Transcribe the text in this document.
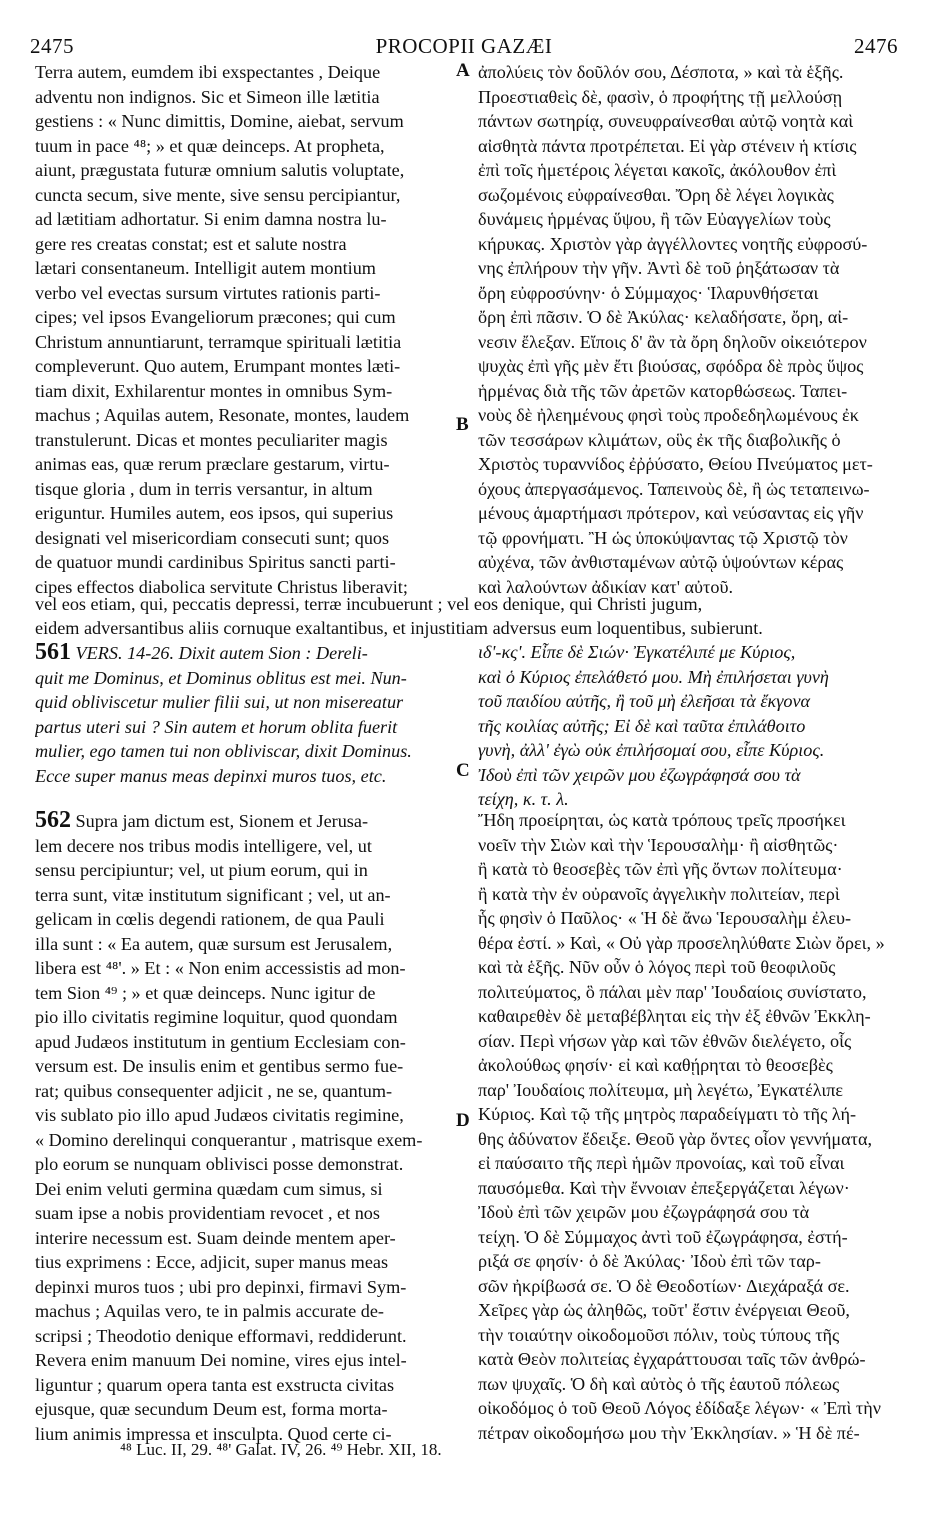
2475	PROCOPII GAZÆI	2476
A
B
C
D
Terra autem, eumdem ibi exspectantes , Deique
adventu non indignos. Sic et Simeon ille lætitia
gestiens : « Nunc dimittis, Domine, aiebat, servum
tuum in pace ⁴⁸; » et quæ deinceps. At propheta,
aiunt, prægustata futuræ omnium salutis voluptate,
cuncta secum, sive mente, sive sensu percipiantur,
ad lætitiam adhortatur. Si enim damna nostra lu-
gere res creatas constat; est et salute nostra
lætari consentaneum. Intelligit autem montium
verbo vel evectas sursum virtutes rationis parti-
cipes; vel ipsos Evangeliorum præcones; qui cum
Christum annuntiarunt, terramque spirituali lætitia
compleverunt. Quo autem, Erumpant montes læti-
tiam dixit, Exhilarentur montes in omnibus Sym-
machus ; Aquilas autem, Resonate, montes, laudem
transtulerunt. Dicas et montes peculiariter magis
animas eas, quæ rerum præclare gestarum, virtu-
tisque gloria , dum in terris versantur, in altum
eriguntur. Humiles autem, eos ipsos, qui superius
designati vel misericordiam consecuti sunt; quos
de quatuor mundi cardinibus Spiritus sancti parti-
cipes effectos diabolica servitute Christus liberavit;
ἀπολύεις τὸν δοῦλόν σου, Δέσποτα, » καὶ τὰ ἑξῆς.
Προεστιαθεὶς δὲ, φασὶν, ὁ προφήτης τῇ μελλούσῃ
πάντων σωτηρίᾳ, συνευφραίνεσθαι αὐτῷ νοητὰ καὶ
αἰσθητὰ πάντα προτρέπεται. Εἰ γὰρ στένειν ἡ κτίσις
ἐπὶ τοῖς ἡμετέροις λέγεται κακοῖς, ἀκόλουθον ἐπὶ
σωζομένοις εὐφραίνεσθαι. Ὄρη δὲ λέγει λογικὰς
δυνάμεις ἡρμένας ὕψου, ἢ τῶν Εὐαγγελίων τοὺς
κήρυκας. Χριστὸν γὰρ ἀγγέλλοντες νοητῆς εὐφροσύ-
νης ἐπλήρουν τὴν γῆν. Ἀντὶ δὲ τοῦ ῥηξάτωσαν τὰ
ὄρη εὐφροσύνην· ὁ Σύμμαχος· Ἱλαρυνθήσεται
ὄρη ἐπὶ πᾶσιν. Ὁ δὲ Ἀκύλας· κελαδήσατε, ὄρη, αἰ-
νεσιν ἔλεξαν. Εἴποις δ' ἂν τὰ ὄρη δηλοῦν οἰκειότερον
ψυχὰς ἐπὶ γῆς μὲν ἔτι βιούσας, σφόδρα δὲ πρὸς ὕψος
ἡρμένας διὰ τῆς τῶν ἀρετῶν κατορθώσεως. Ταπει-
νοὺς δὲ ἠλεημένους φησὶ τοὺς προδεδηλωμένους ἐκ
τῶν τεσσάρων κλιμάτων, οὓς ἐκ τῆς διαβολικῆς ὁ
Χριστὸς τυραννίδος ἐῤῥύσατο, Θείου Πνεύματος μετ-
όχους ἀπεργασάμενος. Ταπεινοὺς δὲ, ἢ ὡς τεταπεινω-
μένους ἁμαρτήμασι πρότερον, καὶ νεύσαντας εἰς γῆν
τῷ φρονήματι. Ἢ ὡς ὑποκύψαντας τῷ Χριστῷ τὸν
αὐχένα, τῶν ἀνθισταμένων αὐτῷ ὑψούντων κέρας
καὶ λαλούντων ἀδικίαν κατ' αὐτοῦ.
vel eos etiam, qui, peccatis depressi, terræ incubuerunt ; vel eos denique, qui Christi jugum,
eidem adversantibus aliis cornuque exaltantibus, et injustitiam adversus eum loquentibus, subierunt.
561 VERS. 14-26. Dixit autem Sion : Dereli-
quit me Dominus, et Dominus oblitus est mei. Nun-
quid obliviscetur mulier filii sui, ut non misereatur
partus uteri sui ? Sin autem et horum oblita fuerit
mulier, ego tamen tui non obliviscar, dixit Dominus.
Ecce super manus meas depinxi muros tuos, etc.
ιδ'-κς'. Εἶπε δὲ Σιών· Ἐγκατέλιπέ με Κύριος,
καὶ ὁ Κύριος ἐπελάθετό μου. Μὴ ἐπιλήσεται γυνὴ
τοῦ παιδίου αὐτῆς, ἢ τοῦ μὴ ἐλεῆσαι τὰ ἔκγονα
τῆς κοιλίας αὐτῆς; Εἰ δὲ καὶ ταῦτα ἐπιλάθοιτο
γυνὴ, ἀλλ' ἐγὼ οὐκ ἐπιλήσομαί σου, εἶπε Κύριος.
Ἰδοὺ ἐπὶ τῶν χειρῶν μου ἐζωγράφησά σου τὰ
τείχη, κ. τ. λ.
562 Supra jam dictum est, Sionem et Jerusa-
lem decere nos tribus modis intelligere, vel, ut
sensu percipiuntur; vel, ut pium eorum, qui in
terra sunt, vitæ institutum significant ; vel, ut an-
gelicam in cœlis degendi rationem, de qua Pauli
illa sunt : « Ea autem, quæ sursum est Jerusalem,
libera est ⁴⁸'. » Et : « Non enim accessistis ad mon-
tem Sion ⁴⁹ ; » et quæ deinceps. Nunc igitur de
pio illo civitatis regimine loquitur, quod quondam
apud Judæos institutum in gentium Ecclesiam con-
versum est. De insulis enim et gentibus sermo fue-
rat; quibus consequenter adjicit , ne se, quantum-
vis sublato pio illo apud Judæos civitatis regimine,
« Domino derelinqui conquerantur , matrisque exem-
plo eorum se nunquam oblivisci posse demonstrat.
Dei enim veluti germina quædam cum simus, si
suam ipse a nobis providentiam revocet , et nos
interire necessum est. Suam deinde mentem aper-
tius exprimens : Ecce, adjicit, super manus meas
depinxi muros tuos ; ubi pro depinxi, firmavi Sym-
machus ; Aquilas vero, te in palmis accurate de-
scripsi ; Theodotio denique efformavi, reddiderunt.
Revera enim manuum Dei nomine, vires ejus intel-
liguntur ; quarum opera tanta est exstructa civitas
ejusque, quæ secundum Deum est, forma morta-
lium animis impressa et insculpta. Quod certe ci-
Ἤδη προείρηται, ὡς κατὰ τρόπους τρεῖς προσήκει
νοεῖν τὴν Σιὼν καὶ τὴν Ἱερουσαλὴμ· ἢ αἰσθητῶς·
ἢ κατὰ τὸ θεοσεβὲς τῶν ἐπὶ γῆς ὄντων πολίτευμα·
ἢ κατὰ τὴν ἐν οὐρανοῖς ἀγγελικὴν πολιτείαν, περὶ
ἧς φησὶν ὁ Παῦλος· « Ἡ δὲ ἄνω Ἱερουσαλὴμ ἐλευ-
θέρα ἐστί. » Καὶ, « Οὐ γὰρ προσεληλύθατε Σιὼν ὄρει, »
καὶ τὰ ἑξῆς. Νῦν οὖν ὁ λόγος περὶ τοῦ θεοφιλοῦς
πολιτεύματος, ὃ πάλαι μὲν παρ' Ἰουδαίοις συνίστατο,
καθαιρεθὲν δὲ μεταβέβληται εἰς τὴν ἐξ ἐθνῶν Ἐκκλη-
σίαν. Περὶ νήσων γὰρ καὶ τῶν ἐθνῶν διελέγετο, οἷς
ἀκολούθως φησίν· εἰ καὶ καθῄρηται τὸ θεοσεβὲς
παρ' Ἰουδαίοις πολίτευμα, μὴ λεγέτω, Ἐγκατέλιπε
Κύριος. Καὶ τῷ τῆς μητρὸς παραδείγματι τὸ τῆς λή-
θης ἀδύνατον ἔδειξε. Θεοῦ γὰρ ὄντες οἷον γεννήματα,
εἰ παύσαιτο τῆς περὶ ἡμῶν προνοίας, καὶ τοῦ εἶναι
παυσόμεθα. Καὶ τὴν ἔννοιαν ἐπεξεργάζεται λέγων·
Ἰδοὺ ἐπὶ τῶν χειρῶν μου ἐζωγράφησά σου τὰ
τείχη. Ὁ δὲ Σύμμαχος ἀντὶ τοῦ ἐζωγράφησα, ἐστή-
ριξά σε φησίν· ὁ δὲ Ἀκύλας· Ἰδοὺ ἐπὶ τῶν ταρ-
σῶν ἠκρίβωσά σε. Ὁ δὲ Θεοδοτίων· Διεχάραξά σε.
Χεῖρες γὰρ ὡς ἀληθῶς, τοῦτ' ἔστιν ἐνέργειαι Θεοῦ,
τὴν τοιαύτην οἰκοδομοῦσι πόλιν, τοὺς τύπους τῆς
κατὰ Θεὸν πολιτείας ἐγχαράττουσαι ταῖς τῶν ἀνθρώ-
πων ψυχαῖς. Ὁ δὴ καὶ αὐτὸς ὁ τῆς ἑαυτοῦ πόλεως
οἰκοδόμος ὁ τοῦ Θεοῦ Λόγος ἐδίδαξε λέγων· « Ἐπὶ τὴν
πέτραν οἰκοδομήσω μου τὴν Ἐκκλησίαν. » Ἡ δὲ πέ-
⁴⁸ Luc. II, 29. ⁴⁸' Galat. IV, 26. ⁴⁹ Hebr. XII, 18.
